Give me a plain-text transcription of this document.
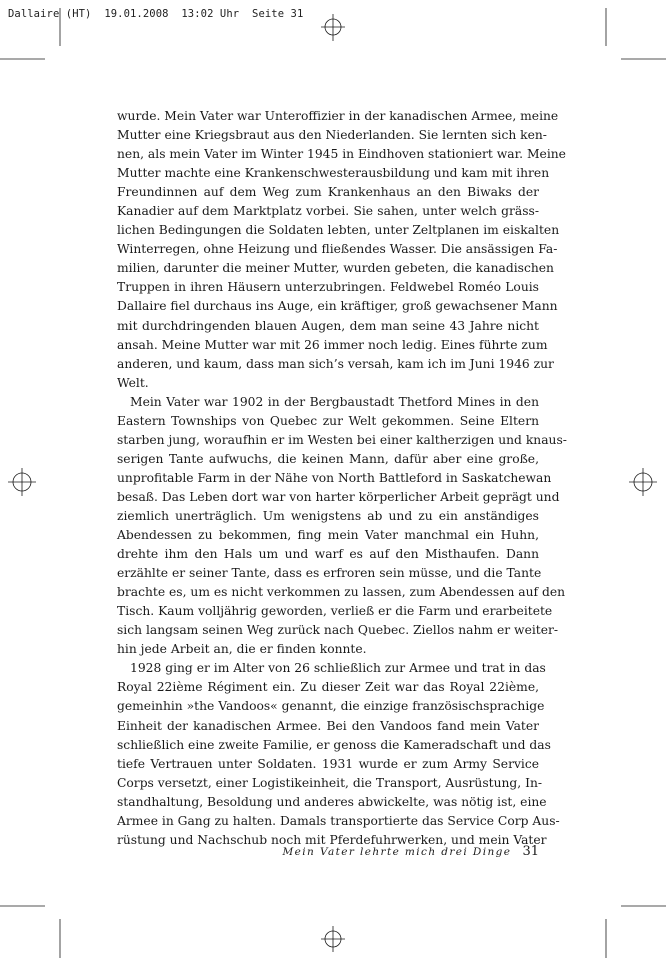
Dallaire (HT)  19.01.2008  13:02 Uhr  Seite 31
wurde. Mein Vater war Unteroffizier in der kanadischen Armee, meine
Mutter eine Kriegsbraut aus den Niederlanden. Sie lernten sich ken-
nen, als mein Vater im Winter 1945 in Eindhoven stationiert war. Meine
Mutter machte eine Krankenschwesterausbildung und kam mit ihren
Freundinnen auf dem Weg zum Krankenhaus an den Biwaks der
Kanadier auf dem Marktplatz vorbei. Sie sahen, unter welch gräss-
lichen Bedingungen die Soldaten lebten, unter Zeltplanen im eiskalten
Winterregen, ohne Heizung und fließendes Wasser. Die ansässigen Fa-
milien, darunter die meiner Mutter, wurden gebeten, die kanadischen
Truppen in ihren Häusern unterzubringen. Feldwebel Roméo Louis
Dallaire fiel durchaus ins Auge, ein kräftiger, groß gewachsener Mann
mit durchdringenden blauen Augen, dem man seine 43 Jahre nicht
ansah. Meine Mutter war mit 26 immer noch ledig. Eines führte zum
anderen, und kaum, dass man sich’s versah, kam ich im Juni 1946 zur
Welt.
Mein Vater war 1902 in der Bergbaustadt Thetford Mines in den
Eastern Townships von Quebec zur Welt gekommen. Seine Eltern
starben jung, woraufhin er im Westen bei einer kaltherzigen und knaus-
serigen Tante aufwuchs, die keinen Mann, dafür aber eine große,
unprofitable Farm in der Nähe von North Battleford in Saskatchewan
besaß. Das Leben dort war von harter körperlicher Arbeit geprägt und
ziemlich unerträglich. Um wenigstens ab und zu ein anständiges
Abendessen zu bekommen, fing mein Vater manchmal ein Huhn,
drehte ihm den Hals um und warf es auf den Misthaufen. Dann
erzählte er seiner Tante, dass es erfroren sein müsse, und die Tante
brachte es, um es nicht verkommen zu lassen, zum Abendessen auf den
Tisch. Kaum volljährig geworden, verließ er die Farm und erarbeitete
sich langsam seinen Weg zurück nach Quebec. Ziellos nahm er weiter-
hin jede Arbeit an, die er finden konnte.
1928 ging er im Alter von 26 schließlich zur Armee und trat in das
Royal 22ième Régiment ein. Zu dieser Zeit war das Royal 22ième,
gemeinhin »the Vandoos« genannt, die einzige französischsprachige
Einheit der kanadischen Armee. Bei den Vandoos fand mein Vater
schließlich eine zweite Familie, er genoss die Kameradschaft und das
tiefe Vertrauen unter Soldaten. 1931 wurde er zum Army Service
Corps versetzt, einer Logistikeinheit, die Transport, Ausrüstung, In-
standhaltung, Besoldung und anderes abwickelte, was nötig ist, eine
Armee in Gang zu halten. Damals transportierte das Service Corp Aus-
rüstung und Nachschub noch mit Pferdefuhrwerken, und mein Vater
Mein Vater lehrte mich drei Dinge 31
